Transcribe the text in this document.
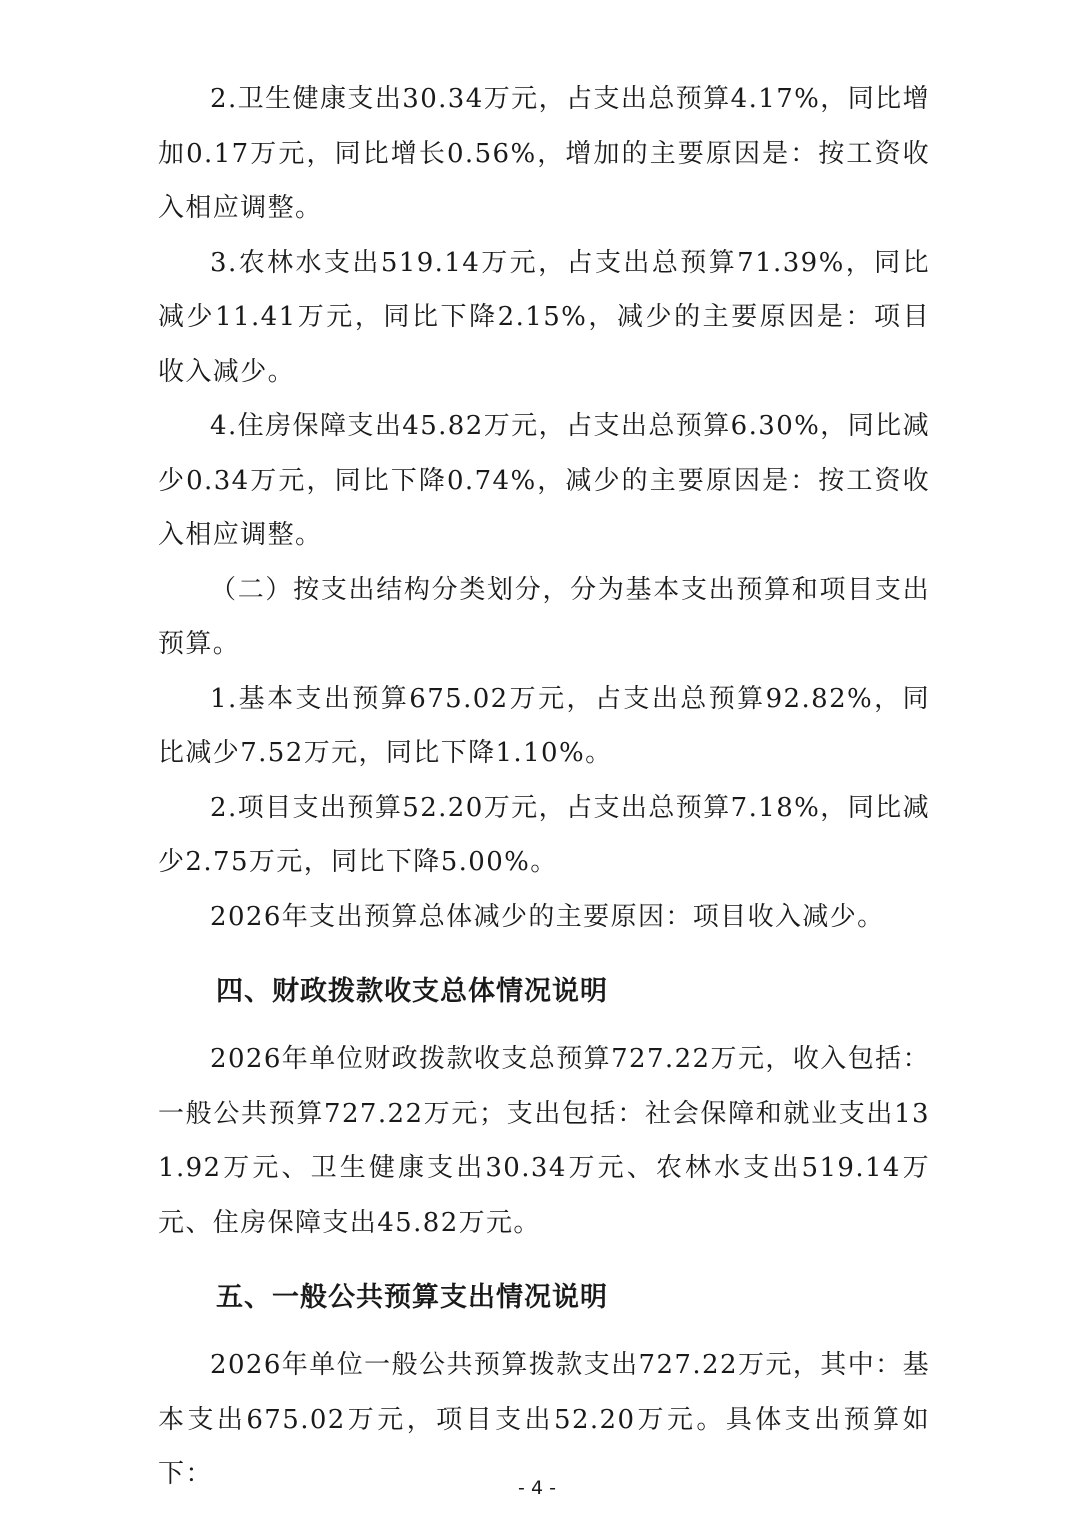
2.卫生健康支出30.34万元，占支出总预算4.17%，同比增加0.17万元，同比增长0.56%，增加的主要原因是：按工资收入相应调整。

3.农林水支出519.14万元，占支出总预算71.39%，同比减少11.41万元，同比下降2.15%，减少的主要原因是：项目收入减少。

4.住房保障支出45.82万元，占支出总预算6.30%，同比减少0.34万元，同比下降0.74%，减少的主要原因是：按工资收入相应调整。

（二）按支出结构分类划分，分为基本支出预算和项目支出预算。

1.基本支出预算675.02万元，占支出总预算92.82%，同比减少7.52万元，同比下降1.10%。

2.项目支出预算52.20万元，占支出总预算7.18%，同比减少2.75万元，同比下降5.00%。

2026年支出预算总体减少的主要原因：项目收入减少。

四、财政拨款收支总体情况说明

2026年单位财政拨款收支总预算727.22万元，收入包括：一般公共预算727.22万元；支出包括：社会保障和就业支出131.92万元、卫生健康支出30.34万元、农林水支出519.14万元、住房保障支出45.82万元。

五、一般公共预算支出情况说明

2026年单位一般公共预算拨款支出727.22万元，其中：基本支出675.02万元，项目支出52.20万元。具体支出预算如下：	- 4 -
